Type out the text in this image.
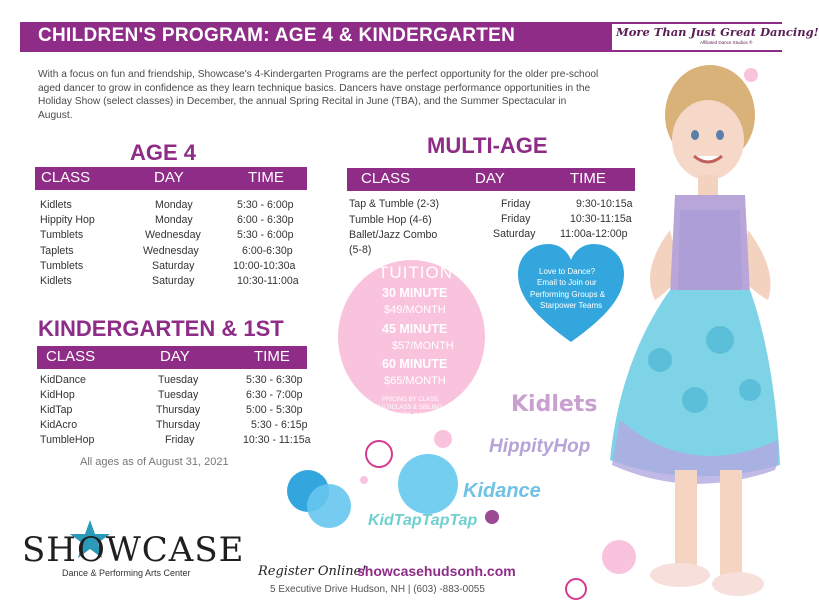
CHILDREN'S PROGRAM: AGE 4 & KINDERGARTEN	More Than Just Great Dancing!
Affiliated Dance Studios ®

With a focus on fun and friendship, Showcase's 4-Kindergarten Programs are the perfect opportunity for the older pre-school aged dancer to grow in confidence as they learn technique basics. Dancers have onstage performance opportunities in the Holiday Show (select classes) in December, the annual Spring Recital in June (TBA), and the Summer Spectacular in August.

AGE 4
CLASS	DAY	TIME
Kidlets	Monday	5:30 - 6:00p
Hippity Hop	Monday	6:00 - 6:30p
Tumblets	Wednesday	5:30 - 6:00p
Taplets	Wednesday	6:00-6:30p
Tumblets	Saturday	10:00-10:30a
Kidlets	Saturday	10:30-11:00a
MULTI-AGE
CLASS	DAY	TIME
Tap & Tumble (2-3)	Friday	9:30-10:15a
Tumble Hop (4-6)	Friday	10:30-11:15a
Ballet/Jazz Combo	Saturday 11:00a-12:00p
(5-8)
KINDERGARTEN & 1ST
CLASS	DAY	TIME
KidDance	Tuesday	5:30 - 6:30p
KidHop	Tuesday	6:30 - 7:00p
KidTap	Thursday	5:00 - 5:30p
KidAcro	Thursday	5:30 - 6:15p
TumbleHop	Friday	10:30 - 11:15a
All ages as of August 31, 2021
TUITION
30 MINUTE
$49/MONTH
45 MINUTE
$57/MONTH
60 MINUTE
$65/MONTH
PRICING BY CLASS.
MULTICLASS & SIBLING
DISCOUNTS AVAILABLE
Love to Dance?
Email to Join our
Performing Groups &
Starpower Teams
Kidlets
HippityHop
Kidance
KidTapTapTap
SHOWCASE
Dance & Performing Arts Center	Register Online!
showcasehudsonh.com
5 Executive Drive Hudson, NH | (603) -883-0055
